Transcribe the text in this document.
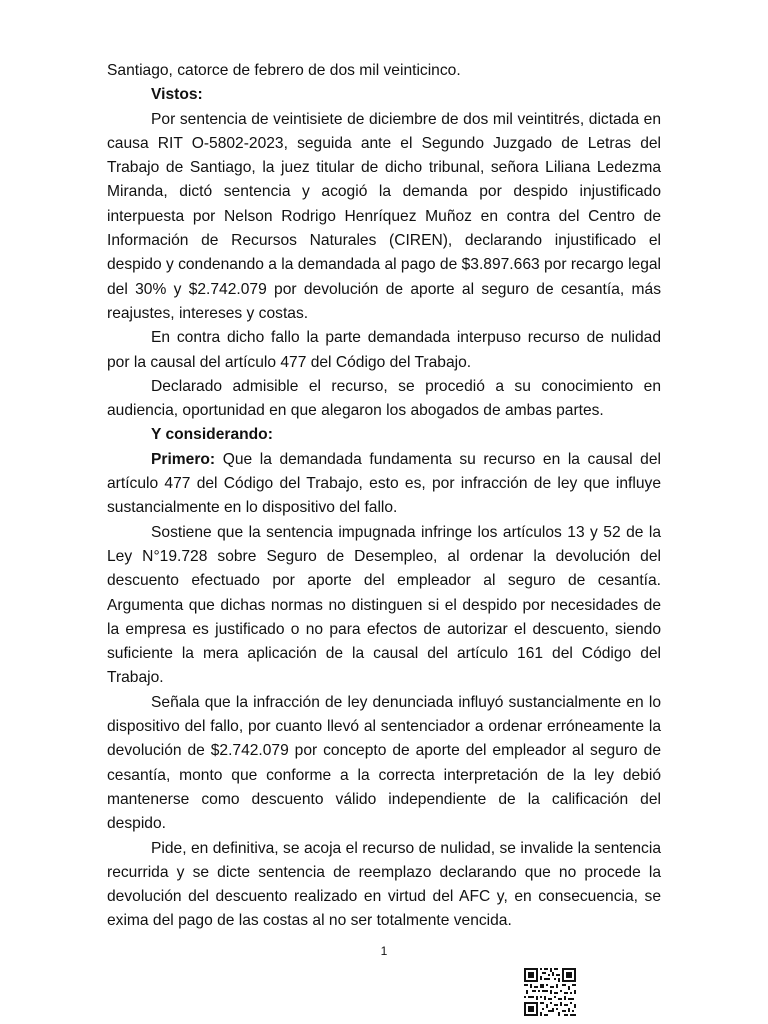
Santiago, catorce de febrero de dos mil veinticinco.

Vistos:

Por sentencia de veintisiete de diciembre de dos mil veintitrés, dictada en causa RIT O-5802-2023, seguida ante el Segundo Juzgado de Letras del Trabajo de Santiago, la juez titular de dicho tribunal, señora Liliana Ledezma Miranda, dictó sentencia y acogió la demanda por despido injustificado interpuesta por Nelson Rodrigo Henríquez Muñoz en contra del Centro de Información de Recursos Naturales (CIREN), declarando injustificado el despido y condenando a la demandada al pago de $3.897.663 por recargo legal del 30% y $2.742.079 por devolución de aporte al seguro de cesantía, más reajustes, intereses y costas.

En contra dicho fallo la parte demandada interpuso recurso de nulidad por la causal del artículo 477 del Código del Trabajo.

Declarado admisible el recurso, se procedió a su conocimiento en audiencia, oportunidad en que alegaron los abogados de ambas partes.

Y considerando:

Primero: Que la demandada fundamenta su recurso en la causal del artículo 477 del Código del Trabajo, esto es, por infracción de ley que influye sustancialmente en lo dispositivo del fallo.

Sostiene que la sentencia impugnada infringe los artículos 13 y 52 de la Ley N°19.728 sobre Seguro de Desempleo, al ordenar la devolución del descuento efectuado por aporte del empleador al seguro de cesantía. Argumenta que dichas normas no distinguen si el despido por necesidades de la empresa es justificado o no para efectos de autorizar el descuento, siendo suficiente la mera aplicación de la causal del artículo 161 del Código del Trabajo.

Señala que la infracción de ley denunciada influyó sustancialmente en lo dispositivo del fallo, por cuanto llevó al sentenciador a ordenar erróneamente la devolución de $2.742.079 por concepto de aporte del empleador al seguro de cesantía, monto que conforme a la correcta interpretación de la ley debió mantenerse como descuento válido independiente de la calificación del despido.

Pide, en definitiva, se acoja el recurso de nulidad, se invalide la sentencia recurrida y se dicte sentencia de reemplazo declarando que no procede la devolución del descuento realizado en virtud del AFC y, en consecuencia, se exima del pago de las costas al no ser totalmente vencida.

1
